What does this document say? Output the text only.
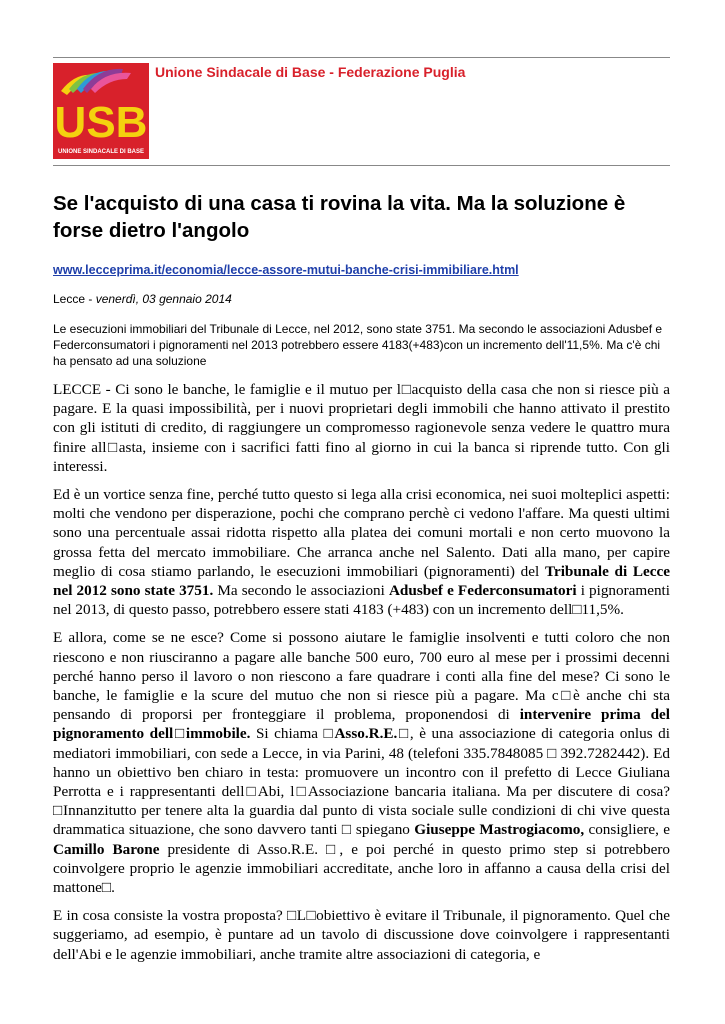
USB
UNIONE SINDACALE DI BASE
Unione Sindacale di Base - Federazione Puglia
Se l'acquisto di una casa ti rovina la vita. Ma la soluzione è forse dietro l'angolo
www.lecceprima.it/economia/lecce-assore-mutui-banche-crisi-immibiliare.html
Lecce - venerdì, 03 gennaio 2014
Le esecuzioni immobiliari del Tribunale di Lecce, nel 2012, sono state 3751. Ma secondo le associazioni Adusbef e Federconsumatori i pignoramenti nel 2013 potrebbero essere 4183(+483)con un incremento dell'11,5%. Ma c'è chi ha pensato ad una soluzione

LECCE - Ci sono le banche, le famiglie e il mutuo per l□acquisto della casa che non si riesce più a pagare. E la quasi impossibilità, per i nuovi proprietari degli immobili che hanno attivato il prestito con gli istituti di credito, di raggiungere un compromesso ragionevole senza vedere le quattro mura finire all□asta, insieme con i sacrifici fatti fino al giorno in cui la banca si riprende tutto. Con gli interessi.

Ed è un vortice senza fine, perché tutto questo si lega alla crisi economica, nei suoi molteplici aspetti: molti che vendono per disperazione, pochi che comprano perchè ci vedono l'affare. Ma questi ultimi sono una percentuale assai ridotta rispetto alla platea dei comuni mortali e non certo muovono la grossa fetta del mercato immobiliare. Che arranca anche nel Salento. Dati alla mano, per capire meglio di cosa stiamo parlando, le esecuzioni immobiliari (pignoramenti) del Tribunale di Lecce nel 2012 sono state 3751. Ma secondo le associazioni Adusbef e Federconsumatori i pignoramenti nel 2013, di questo passo, potrebbero essere stati 4183 (+483) con un incremento dell□11,5%.

E allora, come se ne esce? Come si possono aiutare le famiglie insolventi e tutti coloro che non riescono e non riusciranno a pagare alle banche 500 euro, 700 euro al mese per i prossimi decenni perché hanno perso il lavoro o non riescono a fare quadrare i conti alla fine del mese? Ci sono le banche, le famiglie e la scure del mutuo che non si riesce più a pagare. Ma c□è anche chi sta pensando di proporsi per fronteggiare il problema, proponendosi di intervenire prima del pignoramento dell□immobile. Si chiama □Asso.R.E.□, è una associazione di categoria onlus di mediatori immobiliari, con sede a Lecce, in via Parini, 48 (telefoni 335.7848085 □ 392.7282442). Ed hanno un obiettivo ben chiaro in testa: promuovere un incontro con il prefetto di Lecce Giuliana Perrotta e i rappresentanti dell□Abi, l□Associazione bancaria italiana. Ma per discutere di cosa? □Innanzitutto per tenere alta la guardia dal punto di vista sociale sulle condizioni di chi vive questa drammatica situazione, che sono davvero tanti □ spiegano Giuseppe Mastrogiacomo, consigliere, e Camillo Barone presidente di Asso.R.E. □, e poi perché in questo primo step si potrebbero coinvolgere proprio le agenzie immobiliari accreditate, anche loro in affanno a causa della crisi del mattone□.

E in cosa consiste la vostra proposta? □L□obiettivo è evitare il Tribunale, il pignoramento. Quel che suggeriamo, ad esempio, è puntare ad un tavolo di discussione dove coinvolgere i rappresentanti dell'Abi e le agenzie immobiliari, anche tramite altre associazioni di categoria, e
